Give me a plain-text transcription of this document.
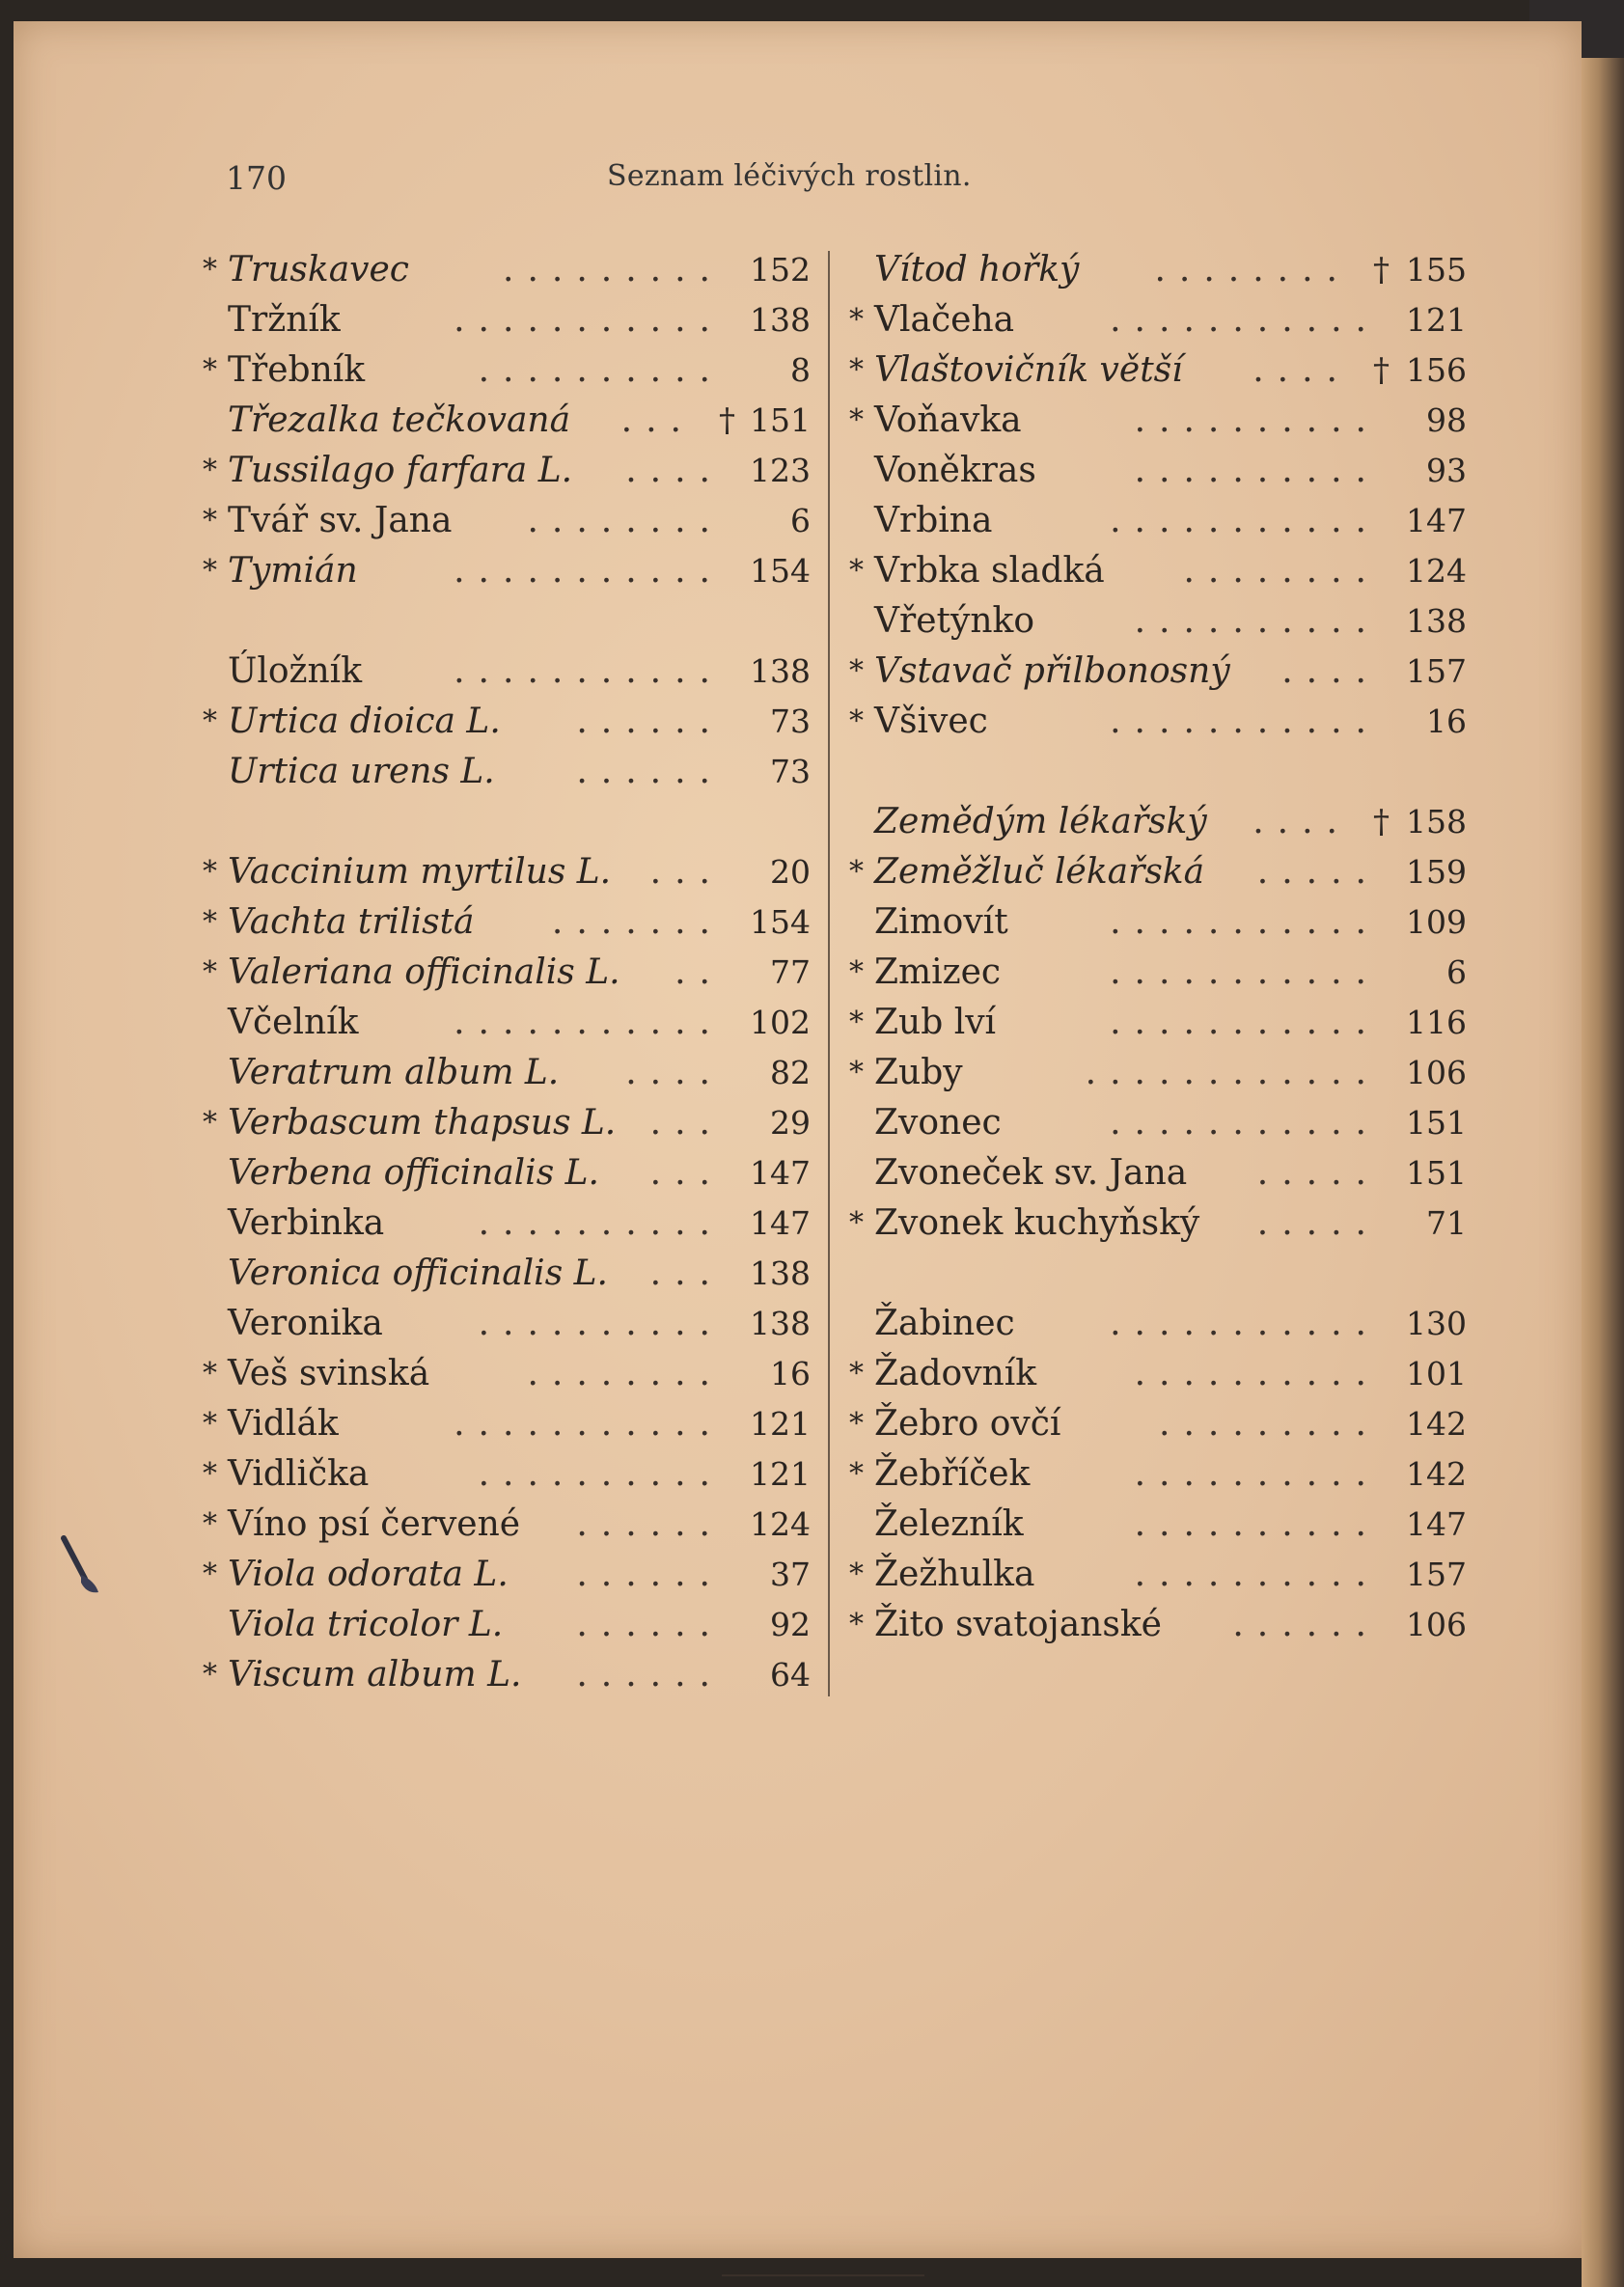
170	Seznam léčivých rostlin.
* Truskavec	......... 152
Tržník	........... 138
* Třebník	.......... 8
Třezalka tečkovaná ... † 151
* Tussilago farfara L. .... 123
* Tvář sv. Jana ........ 6
* Tymián	........... 154
Úložník	........... 138
* Urtica dioica L. ...... 73
Urtica urens L. ...... 73
* Vaccinium myrtilus L. ... 20
* Vachta trilistá ....... 154
* Valeriana officinalis L. .. 77
Včelník	........... 102
Veratrum album L. .... 82
* Verbascum thapsus L. ... 29
Verbena officinalis L. ... 147
Verbinka	.......... 147
Veronica officinalis L. ... 138
Veronika	.......... 138
* Veš svinská	........ 16
* Vidlák	........... 121
* Vidlička	.......... 121
* Víno psí červené ...... 124
* Viola odorata L. ...... 37
Viola tricolor L. ...... 92
* Viscum album L. ...... 64
Vítod hořký ........ † 155
* Vlačeha	........... 121
* Vlaštovičník větší .... † 156
* Voňavka	.......... 98
Voněkras	.......... 93
Vrbina	........... 147
* Vrbka sladká ........ 124
Vřetýnko	.......... 138
* Vstavač přilbonosný .... 157
* Všivec	........... 16
Zemědým lékařský .... † 158
* Zeměžluč lékařská ..... 159
Zimovít	........... 109
* Zmizec	........... 6
* Zub lví	........... 116
* Zuby	............ 106
Zvonec	........... 151
Zvoneček sv. Jana ..... 151
* Zvonek kuchyňský ..... 71
Žabinec	........... 130
* Žadovník	.......... 101
* Žebro ovčí	......... 142
* Žebříček	.......... 142
Železník	.......... 147
* Žežhulka	.......... 157
* Žito svatojanské ...... 106
